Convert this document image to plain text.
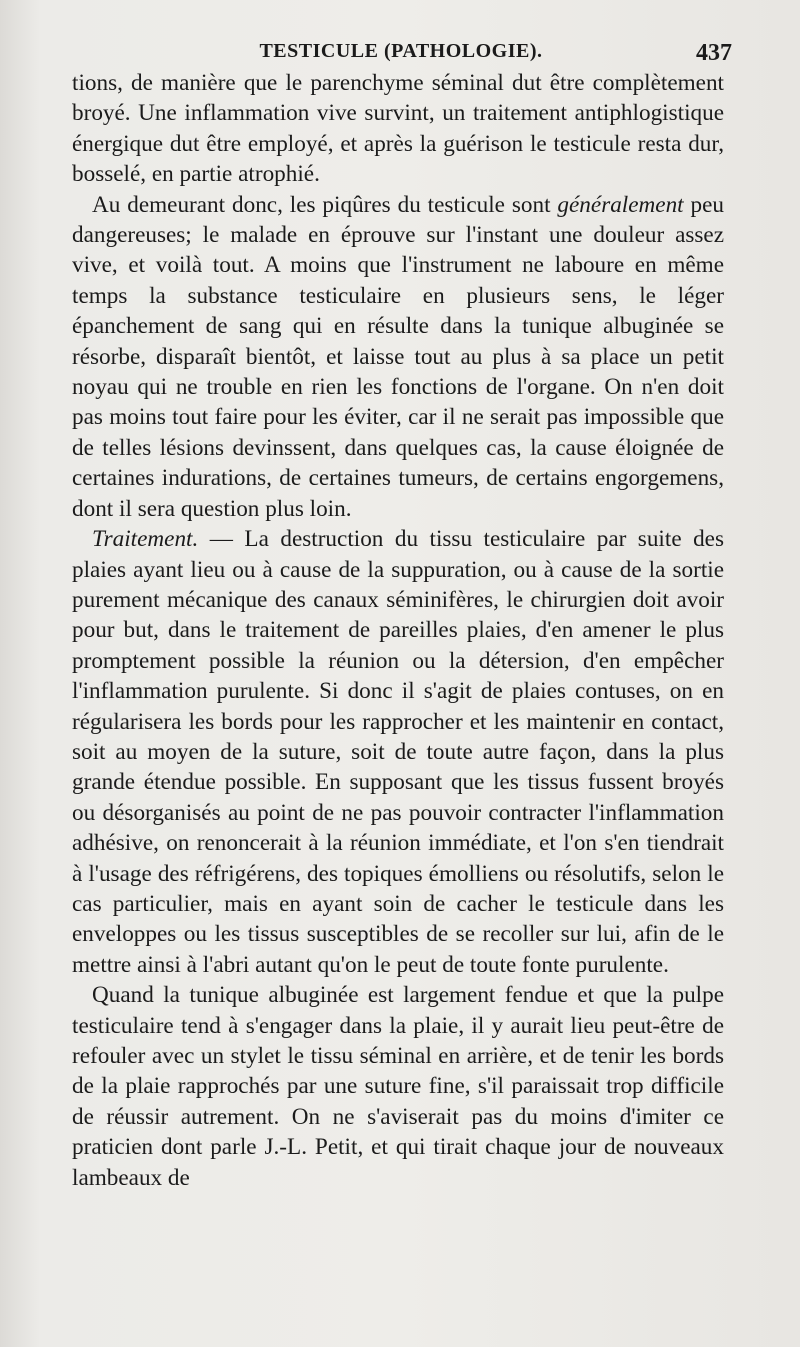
TESTICULE (PATHOLOGIE).	437

tions, de manière que le parenchyme séminal dut être complètement broyé. Une inflammation vive survint, un traitement antiphlogistique énergique dut être employé, et après la guérison le testicule resta dur, bosselé, en partie atrophié.

Au demeurant donc, les piqûres du testicule sont généralement peu dangereuses; le malade en éprouve sur l'instant une douleur assez vive, et voilà tout. A moins que l'instrument ne laboure en même temps la substance testiculaire en plusieurs sens, le léger épanchement de sang qui en résulte dans la tunique albuginée se résorbe, disparaît bientôt, et laisse tout au plus à sa place un petit noyau qui ne trouble en rien les fonctions de l'organe. On n'en doit pas moins tout faire pour les éviter, car il ne serait pas impossible que de telles lésions devinssent, dans quelques cas, la cause éloignée de certaines indurations, de certaines tumeurs, de certains engorgemens, dont il sera question plus loin.

Traitement. — La destruction du tissu testiculaire par suite des plaies ayant lieu ou à cause de la suppuration, ou à cause de la sortie purement mécanique des canaux séminifères, le chirurgien doit avoir pour but, dans le traitement de pareilles plaies, d'en amener le plus promptement possible la réunion ou la détersion, d'en empêcher l'inflammation purulente. Si donc il s'agit de plaies contuses, on en régularisera les bords pour les rapprocher et les maintenir en contact, soit au moyen de la suture, soit de toute autre façon, dans la plus grande étendue possible. En supposant que les tissus fussent broyés ou désorganisés au point de ne pas pouvoir contracter l'inflammation adhésive, on renoncerait à la réunion immédiate, et l'on s'en tiendrait à l'usage des réfrigérens, des topiques émolliens ou résolutifs, selon le cas particulier, mais en ayant soin de cacher le testicule dans les enveloppes ou les tissus susceptibles de se recoller sur lui, afin de le mettre ainsi à l'abri autant qu'on le peut de toute fonte purulente.

Quand la tunique albuginée est largement fendue et que la pulpe testiculaire tend à s'engager dans la plaie, il y aurait lieu peut-être de refouler avec un stylet le tissu séminal en arrière, et de tenir les bords de la plaie rapprochés par une suture fine, s'il paraissait trop difficile de réussir autrement. On ne s'aviserait pas du moins d'imiter ce praticien dont parle J.-L. Petit, et qui tirait chaque jour de nouveaux lambeaux de
